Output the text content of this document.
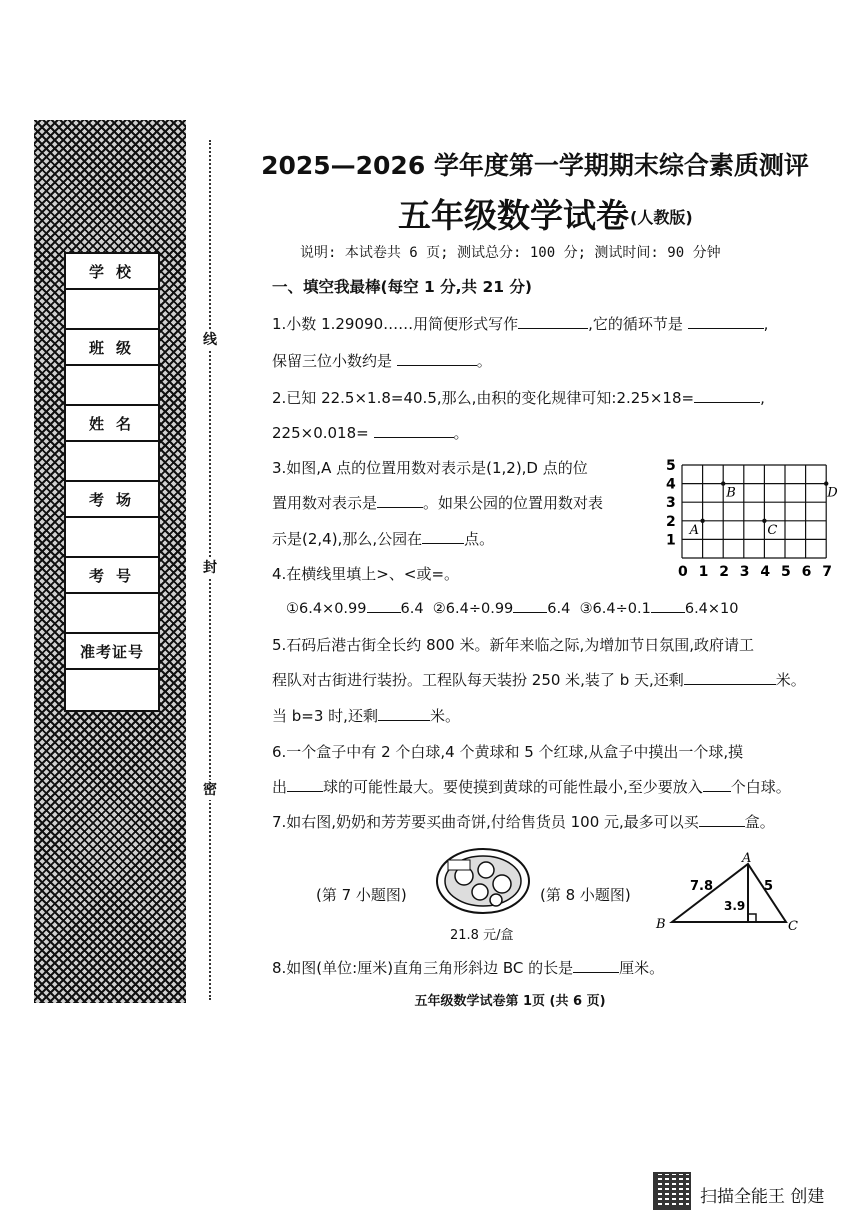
学校
班级
姓名
考场
考号
准考证号
线
封
密
2025—2026 学年度第一学期期末综合素质测评
五年级数学试卷 (人教版)
说明: 本试卷共 6 页; 测试总分: 100 分; 测试时间: 90 分钟
一、填空我最棒(每空 1 分,共 21 分)
1.小数 1.29090……用简便形式写作	,它的循环节是	,
保留三位小数约是	。
2.已知 22.5×1.8=40.5,那么,由积的变化规律可知:2.25×18=	,
225×0.018=	。
3.如图,A 点的位置用数对表示是(1,2),D 点的位
置用数对表示是	。如果公园的位置用数对表
示是(2,4),那么,公园在	点。
0 1 2 3 4 5 6 7
1
2
3
4
5
A
B
C
D
4.在横线里填上>、<或=。
①6.4×0.99 6.4 ②6.4÷0.99 6.4 ③6.4÷0.1 6.4×10
5.石码后港古街全长约 800 米。新年来临之际,为增加节日氛围,政府请工
程队对古街进行装扮。工程队每天装扮 250 米,装了 b 天,还剩	米。
当 b=3 时,还剩	米。
6.一个盒子中有 2 个白球,4 个黄球和 5 个红球,从盒子中摸出一个球,摸
出 球的可能性最大。要使摸到黄球的可能性最小,至少要放入 个白球。
7.如右图,奶奶和芳芳要买曲奇饼,付给售货员 100 元,最多可以买	盒。
(第 7 小题图)
21.8 元/盒
(第 8 小题图)
A
B	C
7.8	5
3.9
8.如图(单位:厘米)直角三角形斜边 BC 的长是	厘米。
五年级数学试卷第 1页 (共 6 页)
扫描全能王 创建
